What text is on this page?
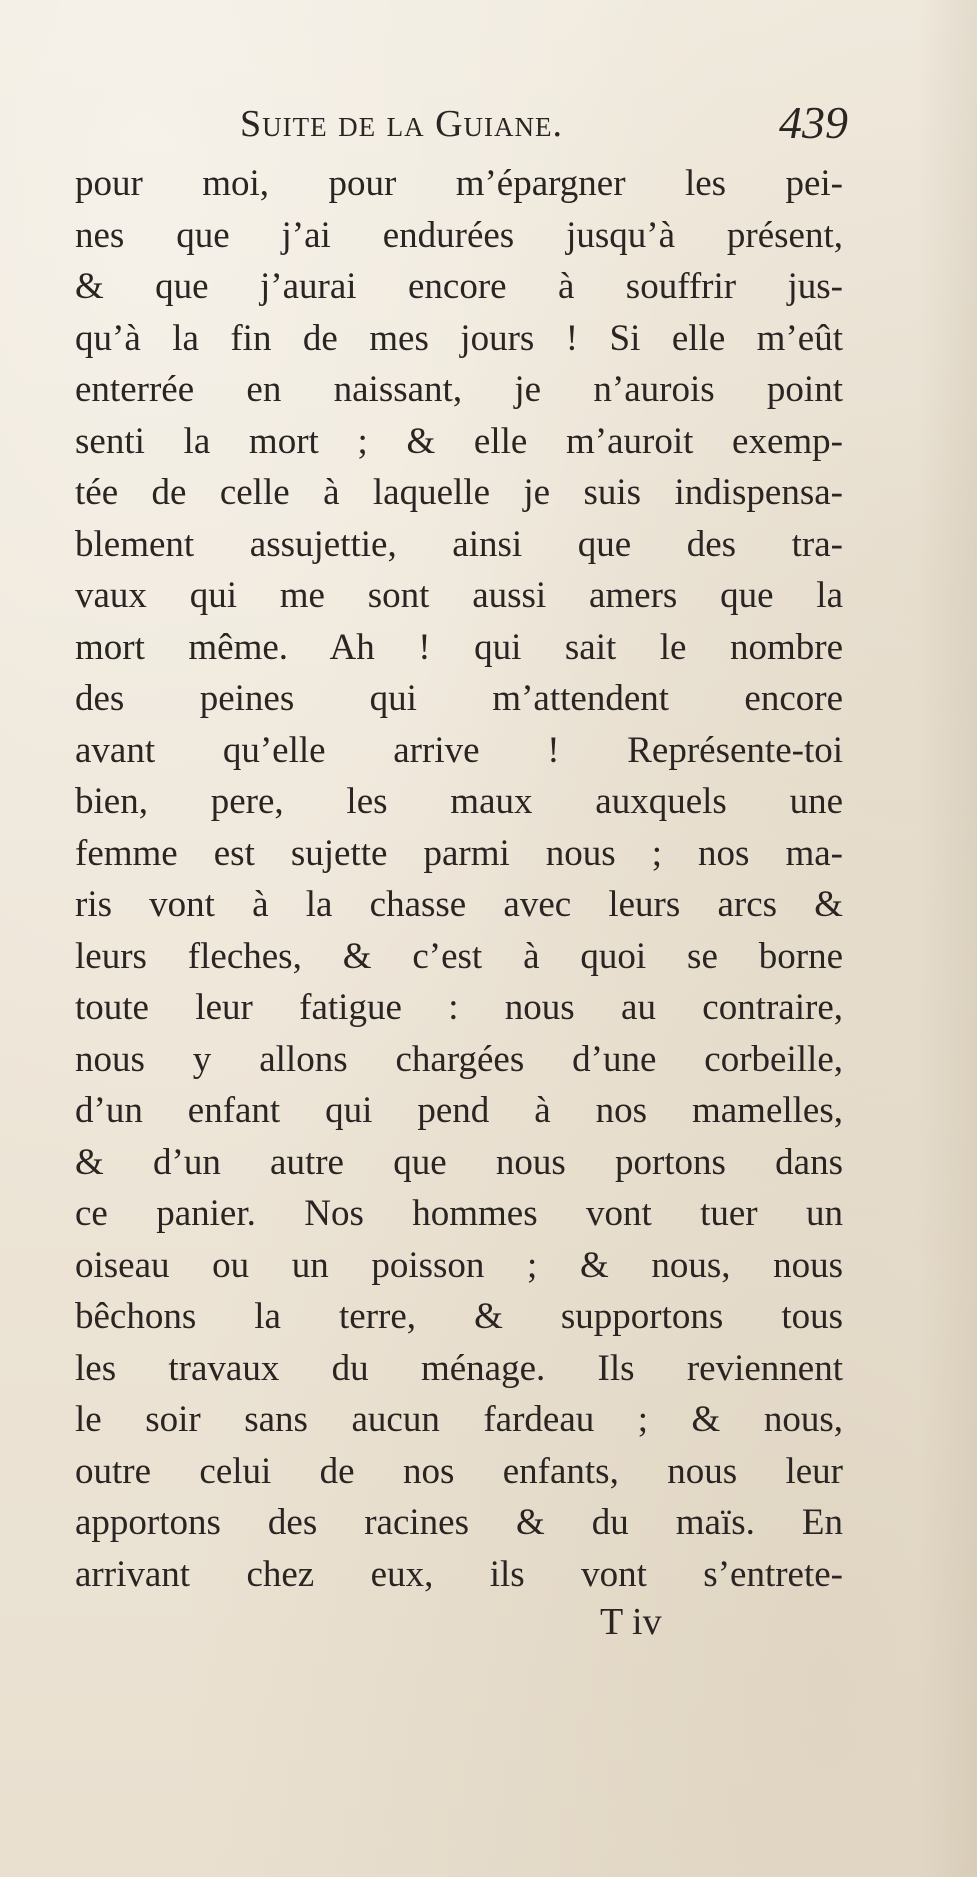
Suite de la Guiane.	439
pour moi, pour m’épargner les pei-
nes que j’ai endurées jusqu’à présent,
& que j’aurai encore à souffrir jus-
qu’à la fin de mes jours ! Si elle m’eût
enterrée en naissant, je n’aurois point
senti la mort ; & elle m’auroit exemp-
tée de celle à laquelle je suis indispensa-
blement assujettie, ainsi que des tra-
vaux qui me sont aussi amers que la
mort même. Ah ! qui sait le nombre
des peines qui m’attendent encore
avant qu’elle arrive ! Représente-toi
bien, pere, les maux auxquels une
femme est sujette parmi nous ; nos ma-
ris vont à la chasse avec leurs arcs &
leurs fleches, & c’est à quoi se borne
toute leur fatigue : nous au contraire,
nous y allons chargées d’une corbeille,
d’un enfant qui pend à nos mamelles,
& d’un autre que nous portons dans
ce panier. Nos hommes vont tuer un
oiseau ou un poisson ; & nous, nous
bêchons la terre, & supportons tous
les travaux du ménage. Ils reviennent
le soir sans aucun fardeau ; & nous,
outre celui de nos enfants, nous leur
apportons des racines & du maïs. En
arrivant chez eux, ils vont s’entrete-
T iv
